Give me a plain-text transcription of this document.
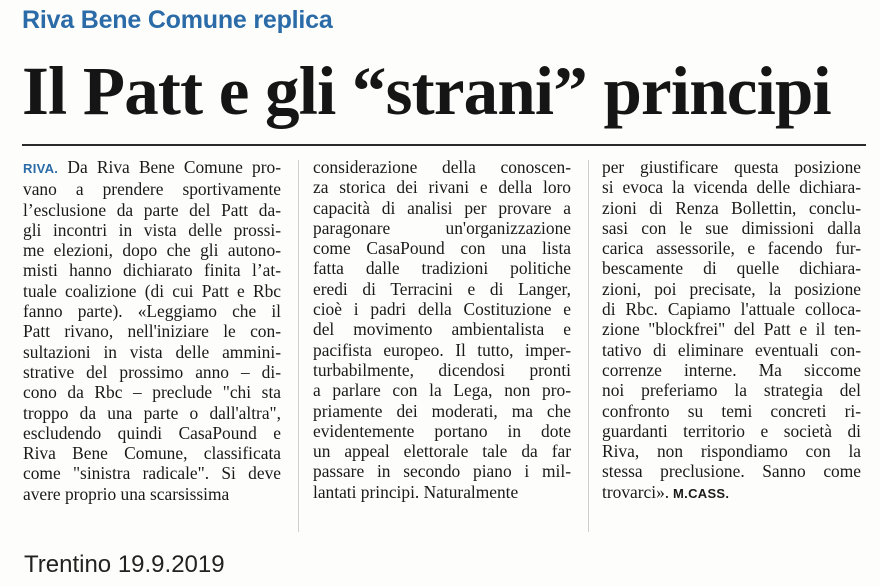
Riva Bene Comune replica
Il Patt e gli “strani” principi
RIVA. Da Riva Bene Comune pro-
vano a prendere sportivamente
l’esclusione da parte del Patt da-
gli incontri in vista delle prossi-
me elezioni, dopo che gli autono-
misti hanno dichiarato finita l’at-
tuale coalizione (di cui Patt e Rbc
fanno parte). «Leggiamo che il
Patt rivano, nell'iniziare le con-
sultazioni in vista delle ammini-
strative del prossimo anno – di-
cono da Rbc – preclude "chi sta
troppo da una parte o dall'altra",
escludendo quindi CasaPound e
Riva Bene Comune, classificata
come "sinistra radicale". Si deve
avere proprio una scarsissima
considerazione della conoscen-
za storica dei rivani e della loro
capacità di analisi per provare a
paragonare un'organizzazione
come CasaPound con una lista
fatta dalle tradizioni politiche
eredi di Terracini e di Langer,
cioè i padri della Costituzione e
del movimento ambientalista e
pacifista europeo. Il tutto, imper-
turbabilmente, dicendosi pronti
a parlare con la Lega, non pro-
priamente dei moderati, ma che
evidentemente portano in dote
un appeal elettorale tale da far
passare in secondo piano i mil-
lantati principi. Naturalmente
per giustificare questa posizione
si evoca la vicenda delle dichiara-
zioni di Renza Bollettin, conclu-
sasi con le sue dimissioni dalla
carica assessorile, e facendo fur-
bescamente di quelle dichiara-
zioni, poi precisate, la posizione
di Rbc. Capiamo l'attuale colloca-
zione "blockfrei" del Patt e il ten-
tativo di eliminare eventuali con-
correnze interne. Ma siccome
noi preferiamo la strategia del
confronto su temi concreti ri-
guardanti territorio e società di
Riva, non rispondiamo con la
stessa preclusione. Sanno come
trovarci». M.CASS.
Trentino 19.9.2019
